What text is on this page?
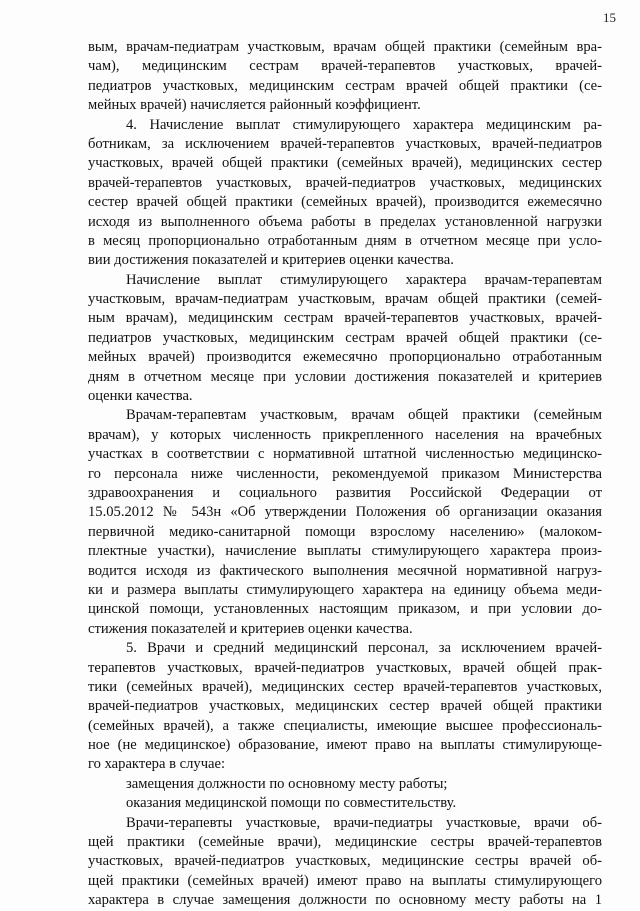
15
вым, врачам-педиатрам участковым, врачам общей практики (семейным вра-
чам), медицинским сестрам врачей-терапевтов участковых, врачей-
педиатров участковых, медицинским сестрам врачей общей практики (се-
мейных врачей) начисляется районный коэффициент.
4. Начисление выплат стимулирующего характера медицинским ра-
ботникам, за исключением врачей-терапевтов участковых, врачей-педиатров
участковых, врачей общей практики (семейных врачей), медицинских сестер
врачей-терапевтов участковых, врачей-педиатров участковых, медицинских
сестер врачей общей практики (семейных врачей), производится ежемесячно
исходя из выполненного объема работы в пределах установленной нагрузки
в месяц пропорционально отработанным дням в отчетном месяце при усло-
вии достижения показателей и критериев оценки качества.
Начисление выплат стимулирующего характера врачам-терапевтам
участковым, врачам-педиатрам участковым, врачам общей практики (семей-
ным врачам), медицинским сестрам врачей-терапевтов участковых, врачей-
педиатров участковых, медицинским сестрам врачей общей практики (се-
мейных врачей) производится ежемесячно пропорционально отработанным
дням в отчетном месяце при условии достижения показателей и критериев
оценки качества.
Врачам-терапевтам участковым, врачам общей практики (семейным
врачам), у которых численность прикрепленного населения на врачебных
участках в соответствии с нормативной штатной численностью медицинско-
го персонала ниже численности, рекомендуемой приказом Министерства
здравоохранения и социального развития Российской Федерации от
15.05.2012 № 543н «Об утверждении Положения об организации оказания
первичной медико-санитарной помощи взрослому населению» (малоком-
плектные участки), начисление выплаты стимулирующего характера произ-
водится исходя из фактического выполнения месячной нормативной нагруз-
ки и размера выплаты стимулирующего характера на единицу объема меди-
цинской помощи, установленных настоящим приказом, и при условии до-
стижения показателей и критериев оценки качества.
5. Врачи и средний медицинский персонал, за исключением врачей-
терапевтов участковых, врачей-педиатров участковых, врачей общей прак-
тики (семейных врачей), медицинских сестер врачей-терапевтов участковых,
врачей-педиатров участковых, медицинских сестер врачей общей практики
(семейных врачей), а также специалисты, имеющие высшее профессиональ-
ное (не медицинское) образование, имеют право на выплаты стимулирующе-
го характера в случае:
замещения должности по основному месту работы;
оказания медицинской помощи по совместительству.
Врачи-терапевты участковые, врачи-педиатры участковые, врачи об-
щей практики (семейные врачи), медицинские сестры врачей-терапевтов
участковых, врачей-педиатров участковых, медицинские сестры врачей об-
щей практики (семейных врачей) имеют право на выплаты стимулирующего
характера в случае замещения должности по основному месту работы на 1
